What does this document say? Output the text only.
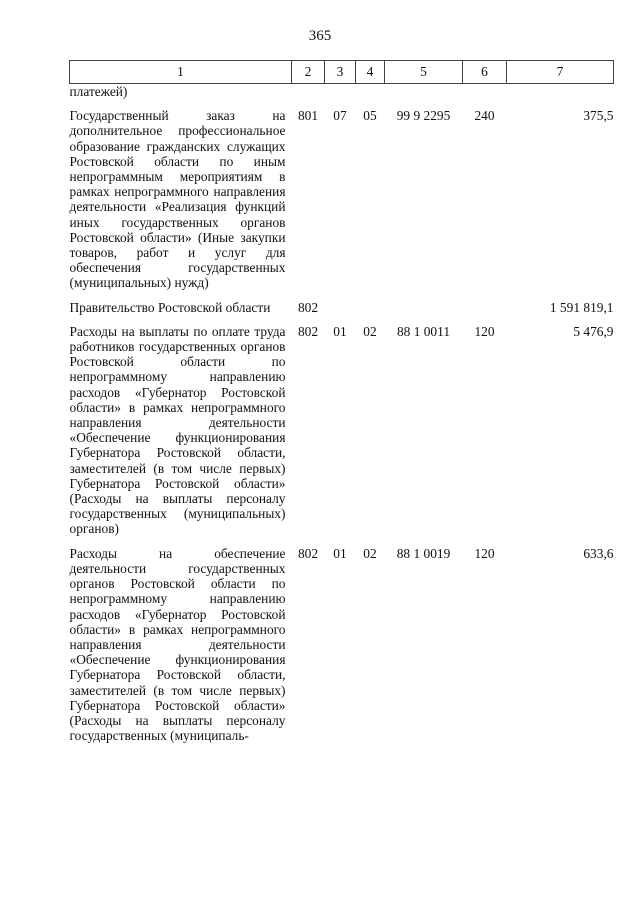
365
1	2	3	4	5	6	7
платежей)						
Государственный заказ на дополнительное профессиональное образование гражданских служащих Ростовской области по иным непрограммным мероприятиям в рамках непрограммного направления деятельности «Реализация функций иных государственных органов Ростовской области» (Иные закупки товаров, работ и услуг для обеспечения государственных (муниципальных) нужд)	801	07	05	99 9 2295	240	375,5
Правительство Ростовской области	802					1 591 819,1
Расходы на выплаты по оплате труда работников государственных органов Ростовской области по непрограммному направлению расходов «Губернатор Ростовской области» в рамках непрограммного направления деятельности «Обеспечение функционирования Губернатора Ростовской области, заместителей (в том числе первых) Губернатора Ростовской области» (Расходы на выплаты персоналу государственных (муниципальных) органов)	802	01	02	88 1 0011	120	5 476,9
Расходы на обеспечение деятельности государственных органов Ростовской области по непрограммному направлению расходов «Губернатор Ростовской области» в рамках непрограммного направления деятельности «Обеспечение функционирования Губернатора Ростовской области, заместителей (в том числе первых) Губернатора Ростовской области» (Расходы на выплаты персоналу государственных (муниципаль-	802	01	02	88 1 0019	120	633,6
